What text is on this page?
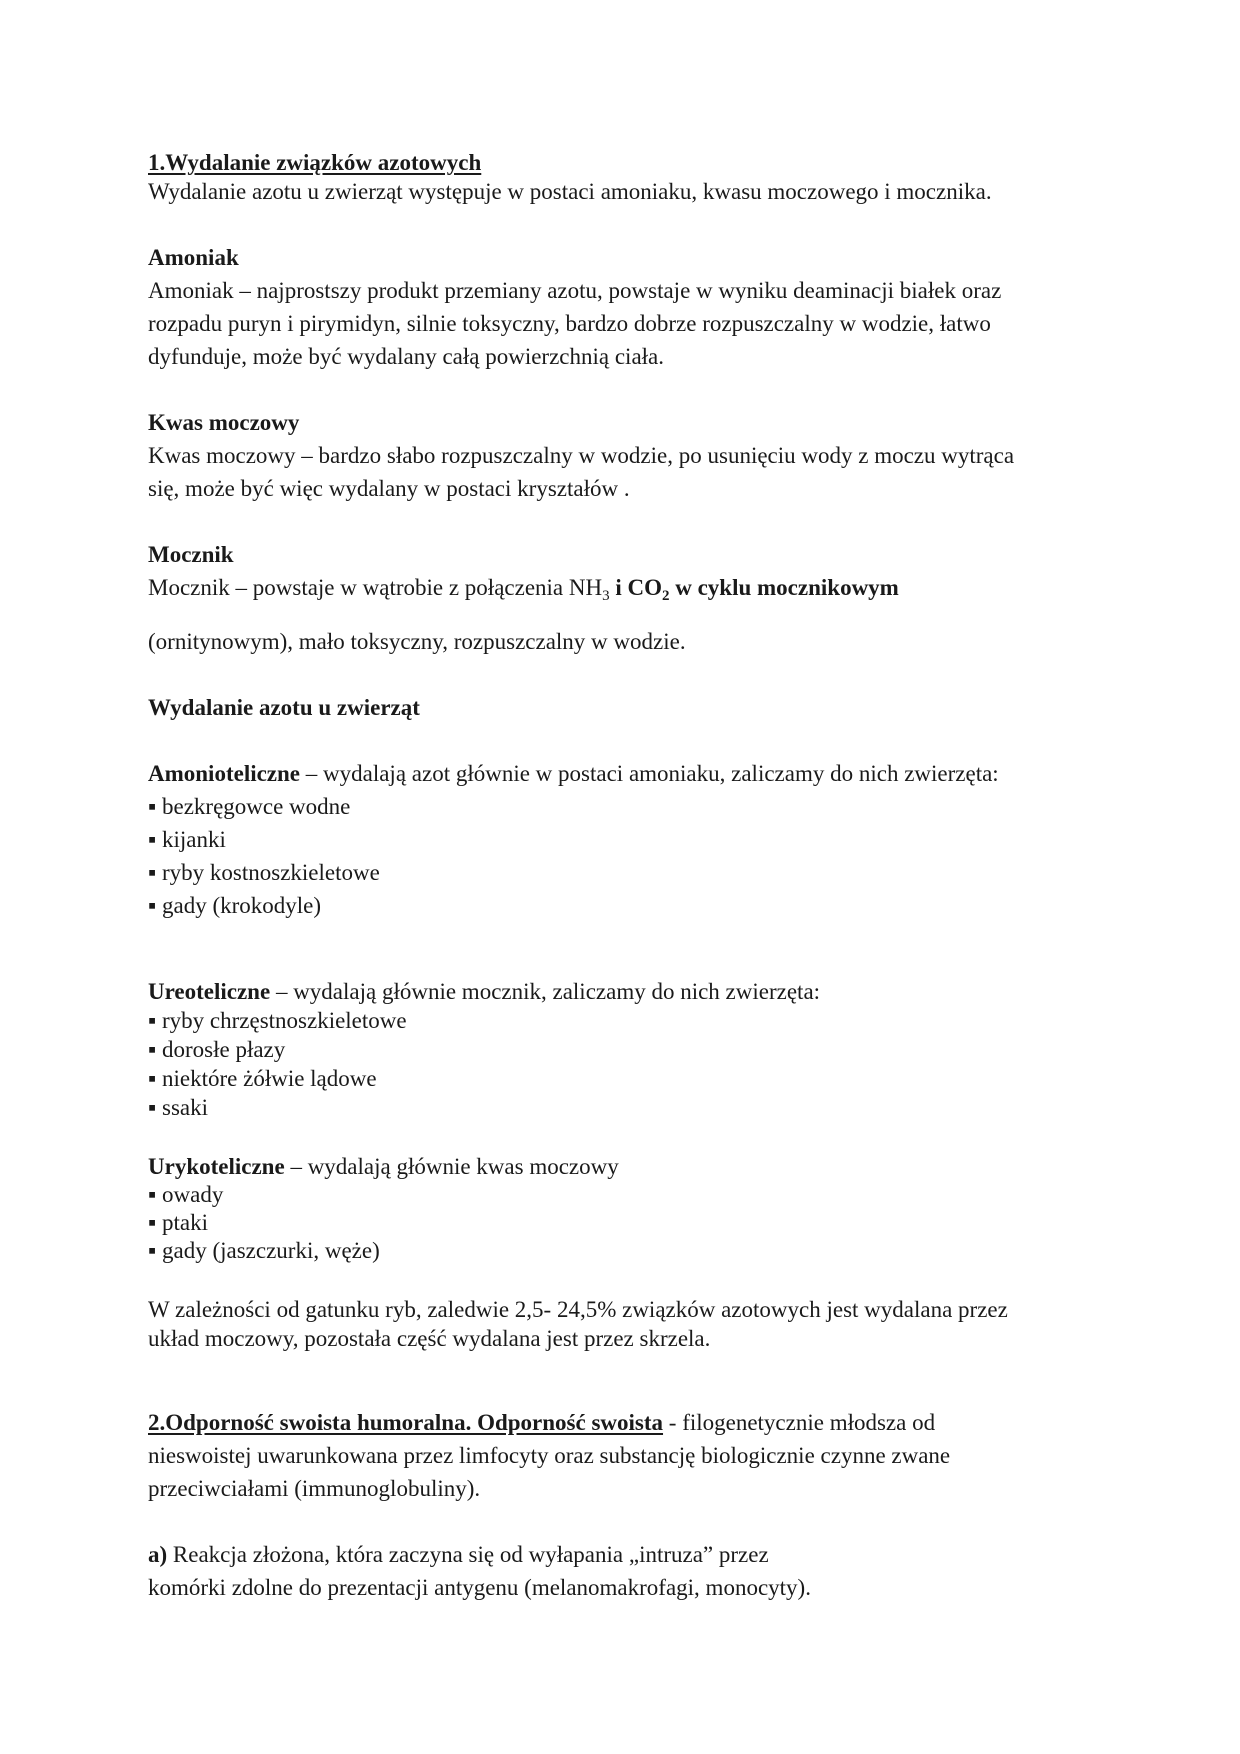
1.Wydalanie związków azotowych
Wydalanie azotu u zwierząt występuje w postaci amoniaku, kwasu moczowego i mocznika.
Amoniak
Amoniak – najprostszy produkt przemiany azotu, powstaje w wyniku deaminacji białek oraz
rozpadu puryn i pirymidyn, silnie toksyczny, bardzo dobrze rozpuszczalny w wodzie, łatwo
dyfunduje, może być wydalany całą powierzchnią ciała.
Kwas moczowy
Kwas moczowy – bardzo słabo rozpuszczalny w wodzie, po usunięciu wody z moczu wytrąca
się, może być więc wydalany w postaci kryształów .
Mocznik
Mocznik – powstaje w wątrobie z połączenia $NH_3$ i $CO_2$ w cyklu mocznikowym
(ornitynowym), mało toksyczny, rozpuszczalny w wodzie.
Wydalanie azotu u zwierząt
Amonioteliczne – wydalają azot głównie w postaci amoniaku, zaliczamy do nich zwierzęta:
▪ bezkręgowce wodne
▪ kijanki
▪ ryby kostnoszkieletowe
▪ gady (krokodyle)
Ureoteliczne – wydalają głównie mocznik, zaliczamy do nich zwierzęta:
▪ ryby chrzęstnoszkieletowe
▪ dorosłe płazy
▪ niektóre żółwie lądowe
▪ ssaki
Urykoteliczne – wydalają głównie kwas moczowy
▪ owady
▪ ptaki
▪ gady (jaszczurki, węże)
W zależności od gatunku ryb, zaledwie 2,5- 24,5% związków azotowych jest wydalana przez
układ moczowy, pozostała część wydalana jest przez skrzela.
2.Odporność swoista humoralna. Odporność swoista - filogenetycznie młodsza od
nieswoistej uwarunkowana przez limfocyty oraz substancję biologicznie czynne zwane
przeciwciałami (immunoglobuliny).
a) Reakcja złożona, która zaczyna się od wyłapania „intruza” przez
komórki zdolne do prezentacji antygenu (melanomakrofagi, monocyty).
